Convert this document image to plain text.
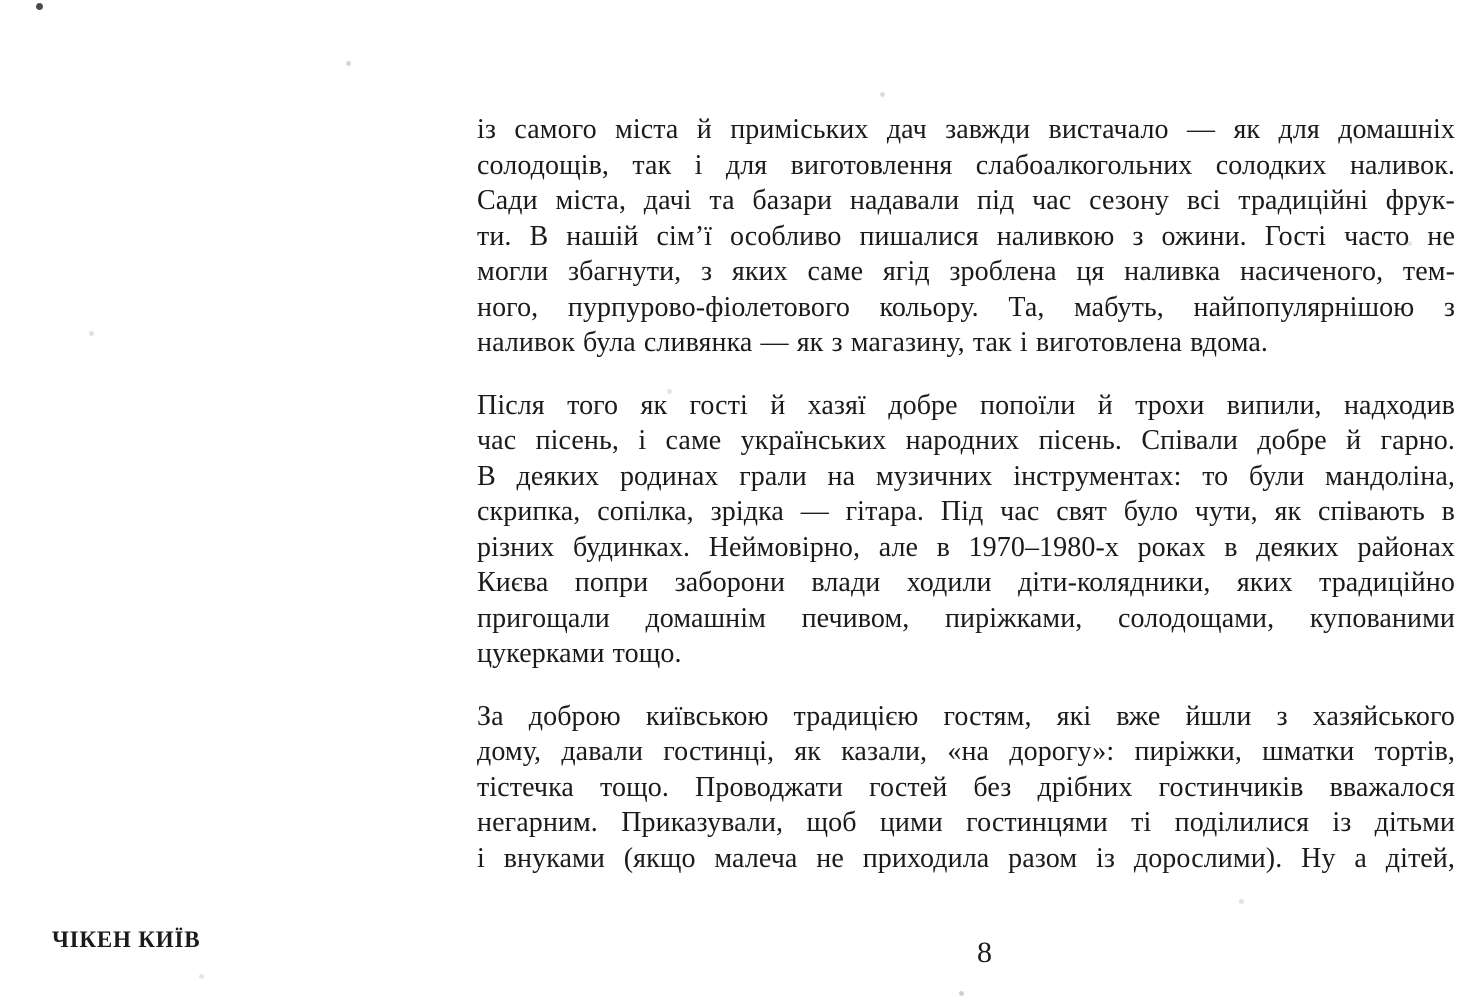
із самого міста й приміських дач завжди вистачало — як для домашніх
солодощів, так і для виготовлення слабоалкогольних солодких наливок.
Сади міста, дачі та базари надавали під час сезону всі традиційні фрук-
ти. В нашій сім’ї особливо пишалися наливкою з ожини. Гості часто не
могли збагнути, з яких саме ягід зроблена ця наливка насиченого, тем-
ного, пурпурово-фіолетового кольору. Та, мабуть, найпопулярнішою з
наливок була сливянка — як з магазину, так і виготовлена вдома.
Після того як гості й хазяї добре попоїли й трохи випили, надходив
час пісень, і саме українських народних пісень. Співали добре й гарно.
В деяких родинах грали на музичних інструментах: то були мандоліна,
скрипка, сопілка, зрідка — гітара. Під час свят було чути, як співають в
різних будинках. Неймовірно, але в 1970–1980-х роках в деяких районах
Києва попри заборони влади ходили діти-колядники, яких традиційно
пригощали домашнім печивом, пиріжками, солодощами, купованими
цукерками тощо.
За доброю київською традицією гостям, які вже йшли з хазяйського
дому, давали гостинці, як казали, «на дорогу»: пиріжки, шматки тортів,
тістечка тощо. Проводжати гостей без дрібних гостинчиків вважалося
негарним. Приказували, щоб цими гостинцями ті поділилися із дітьми
і внуками (якщо малеча не приходила разом із дорослими). Ну а дітей,
ЧІКЕН КИЇВ	8
